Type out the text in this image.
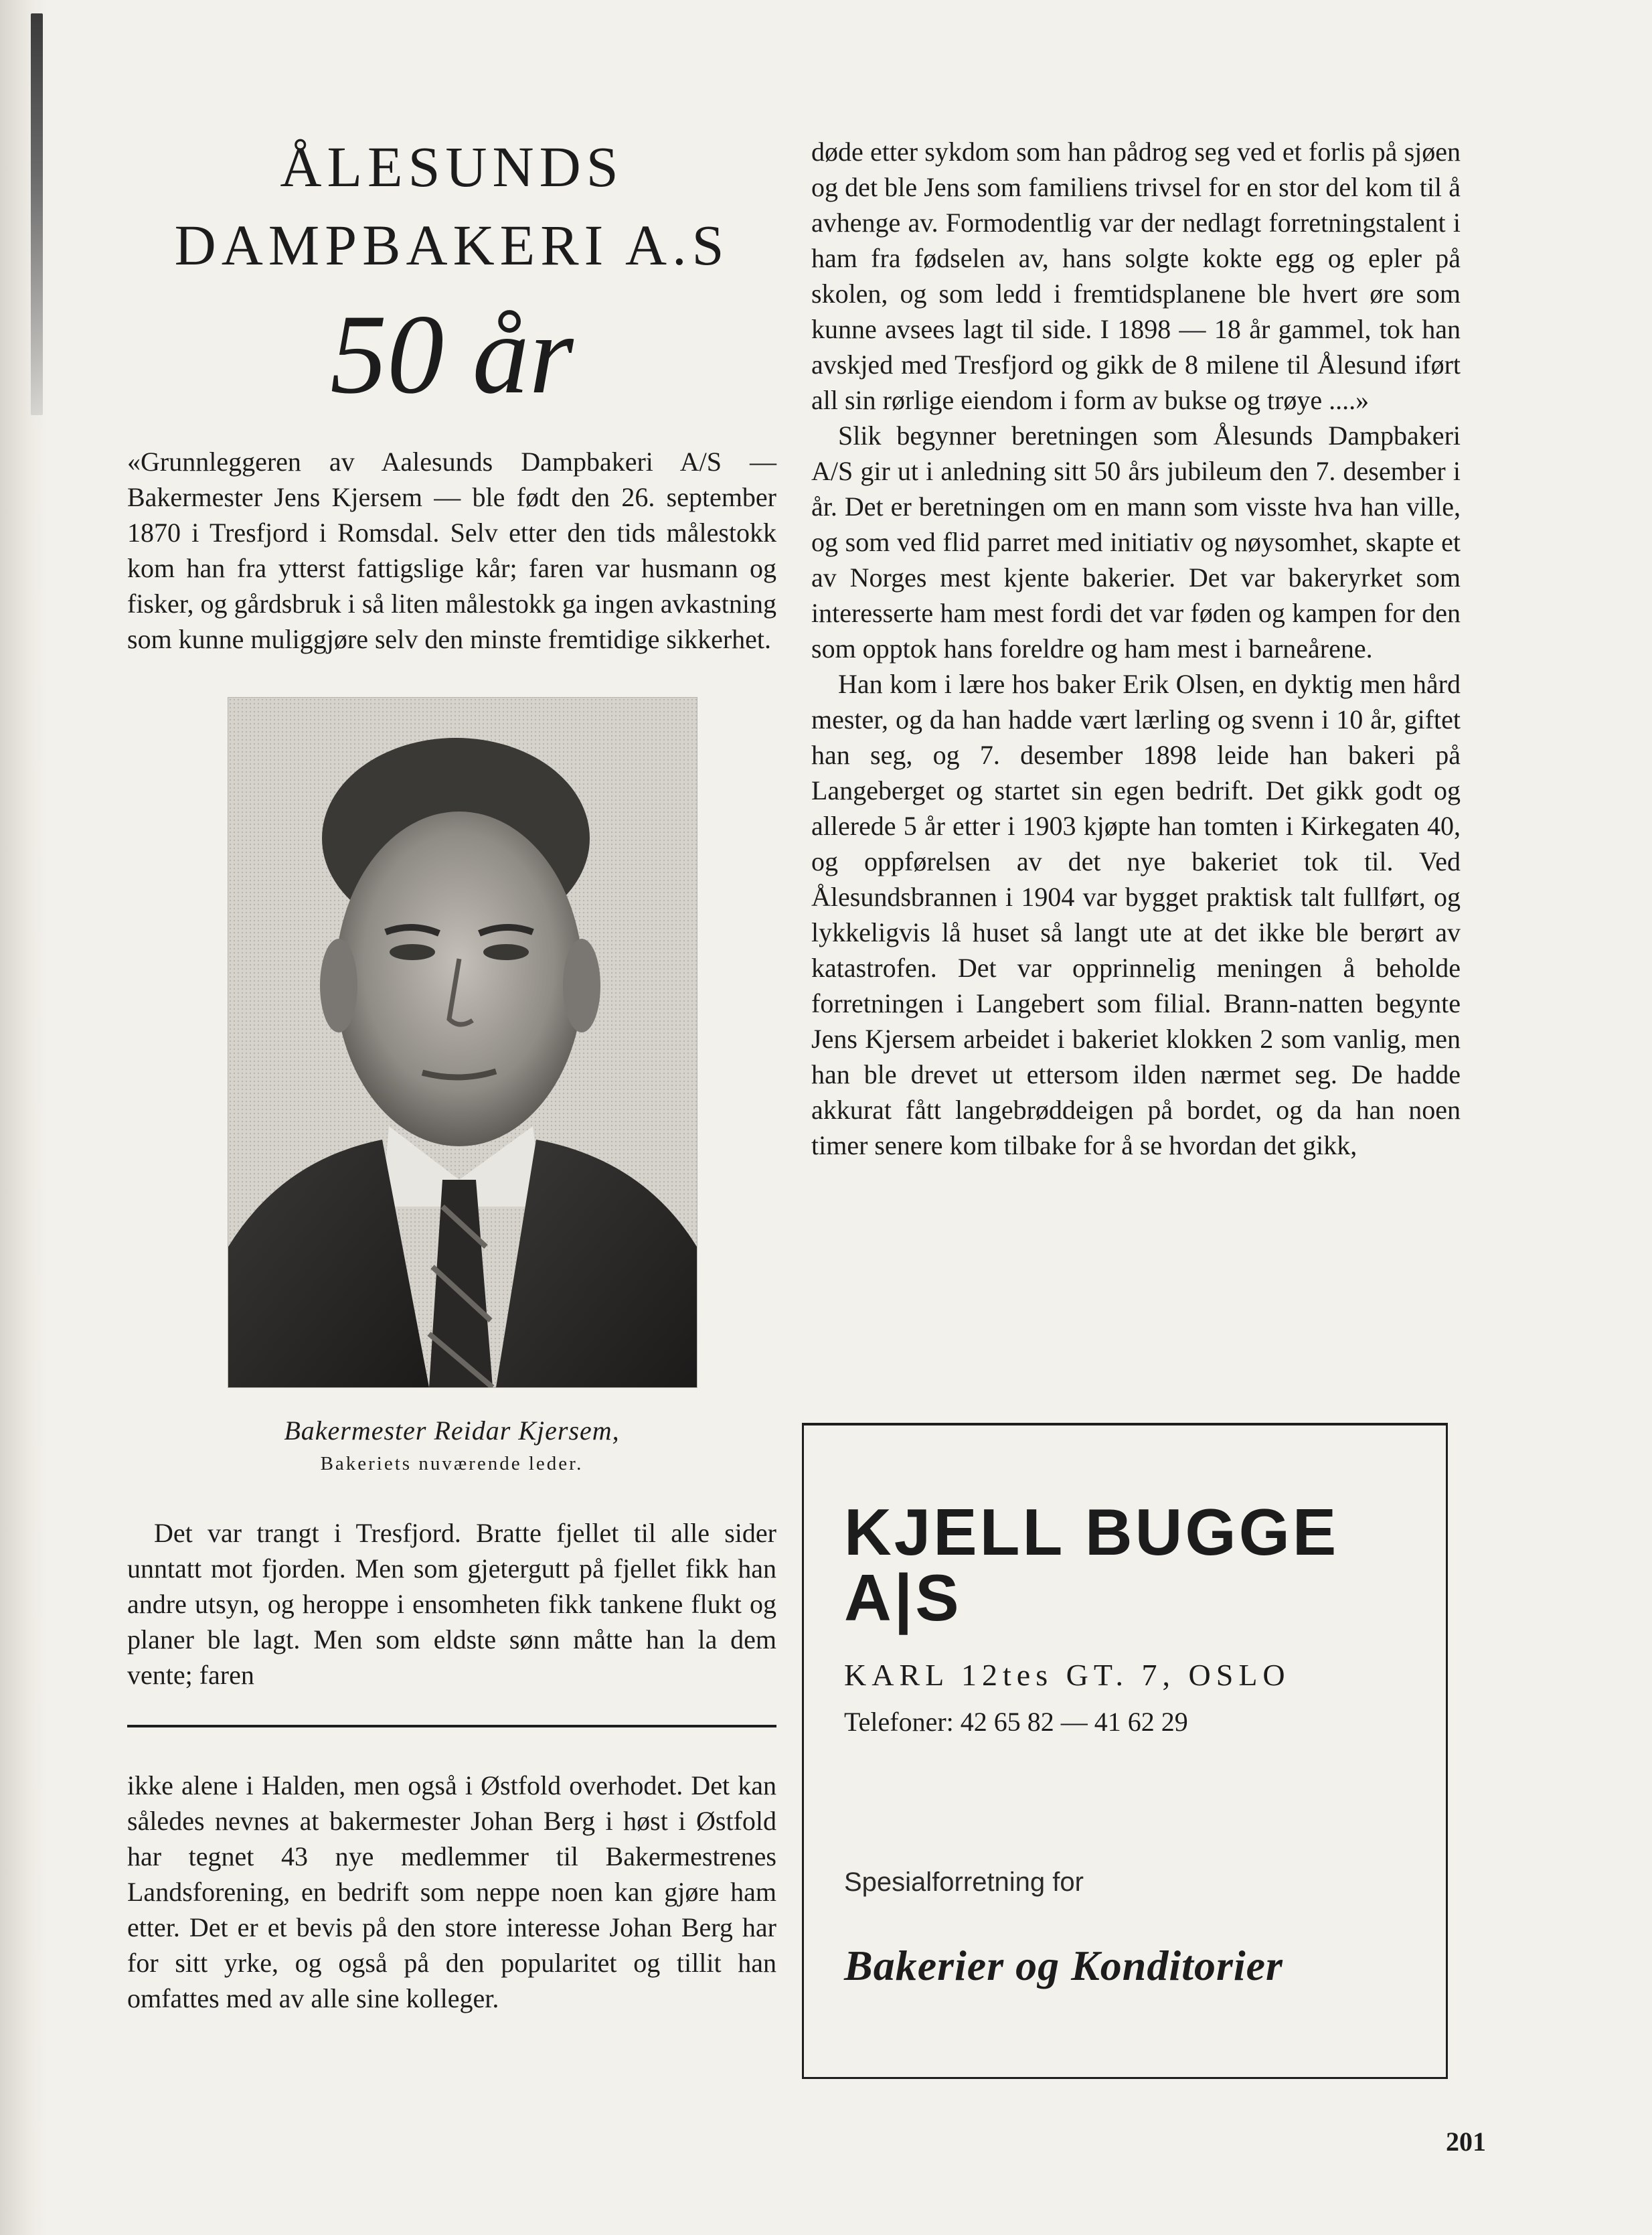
ÅLESUNDS
DAMPBAKERI A.S
50 år

«Grunnleggeren av Aalesunds Dampbakeri A/S — Bakermester Jens Kjersem — ble født den 26. september 1870 i Tresfjord i Romsdal. Selv etter den tids målestokk kom han fra ytterst fattigslige kår; faren var husmann og fisker, og gårdsbruk i så liten målestokk ga ingen avkastning som kunne muliggjøre selv den minste fremtidige sikkerhet.

Bakermester Reidar Kjersem,
Bakeriets nuværende leder.

Det var trangt i Tresfjord. Bratte fjellet til alle sider unntatt mot fjorden. Men som gjetergutt på fjellet fikk han andre utsyn, og heroppe i ensomheten fikk tankene flukt og planer ble lagt. Men som eldste sønn måtte han la dem vente; faren

ikke alene i Halden, men også i Østfold overhodet. Det kan således nevnes at bakermester Johan Berg i høst i Østfold har tegnet 43 nye medlemmer til Bakermestrenes Landsforening, en bedrift som neppe noen kan gjøre ham etter. Det er et bevis på den store interesse Johan Berg har for sitt yrke, og også på den popularitet og tillit han omfattes med av alle sine kolleger.

døde etter sykdom som han pådrog seg ved et forlis på sjøen og det ble Jens som familiens trivsel for en stor del kom til å avhenge av. Formodentlig var der nedlagt forretningstalent i ham fra fødselen av, hans solgte kokte egg og epler på skolen, og som ledd i fremtidsplanene ble hvert øre som kunne avsees lagt til side. I 1898 — 18 år gammel, tok han avskjed med Tresfjord og gikk de 8 milene til Ålesund iført all sin rørlige eiendom i form av bukse og trøye ....»

Slik begynner beretningen som Ålesunds Dampbakeri A/S gir ut i anledning sitt 50 års jubileum den 7. desember i år. Det er beretningen om en mann som visste hva han ville, og som ved flid parret med initiativ og nøysomhet, skapte et av Norges mest kjente bakerier. Det var bakeryrket som interesserte ham mest fordi det var føden og kampen for den som opptok hans foreldre og ham mest i barneårene.

Han kom i lære hos baker Erik Olsen, en dyktig men hård mester, og da han hadde vært lærling og svenn i 10 år, giftet han seg, og 7. desember 1898 leide han bakeri på Langeberget og startet sin egen bedrift. Det gikk godt og allerede 5 år etter i 1903 kjøpte han tomten i Kirkegaten 40, og oppførelsen av det nye bakeriet tok til. Ved Ålesundsbrannen i 1904 var bygget praktisk talt fullført, og lykkeligvis lå huset så langt ute at det ikke ble berørt av katastrofen. Det var opprinnelig meningen å beholde forretningen i Langebert som filial. Brann-natten begynte Jens Kjersem arbeidet i bakeriet klokken 2 som vanlig, men han ble drevet ut ettersom ilden nærmet seg. De hadde akkurat fått langebrøddeigen på bordet, og da han noen timer senere kom tilbake for å se hvordan det gikk,

KJELL BUGGE A|S
KARL 12tes GT. 7, OSLO
Telefoner: 42 65 82 — 41 62 29
Spesialforretning for
Bakerier og Konditorier
201
